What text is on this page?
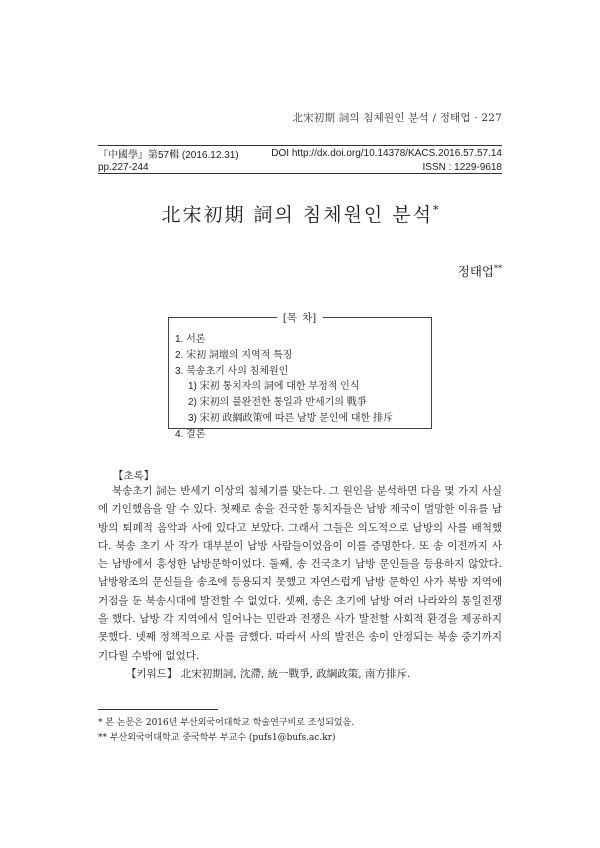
北宋初期 詞의 침체원인 분석 / 정태업 · 227
『中國學』第57輯 (2016.12.31)	DOI http://dx.doi.org/10.14378/KACS.2016.57.57.14
pp.227-244	ISSN : 1229-9618
北宋初期 詞의 침체원인 분석*
정태업**
[목 차]
1. 서론
2. 宋初 詞壇의 지역적 특징
3. 북송초기 사의 침체원인
1) 宋初 통치자의 詞에 대한 부정적 인식
2) 宋初의 불완전한 통일과 반세기의 戰爭
3) 宋初 政綱政策에 따른 남방 문인에 대한 排斥
4. 결론
【초록】

북송초기 詞는 반세기 이상의 침체기를 맞는다. 그 원인을 분석하면 다음 몇 가지 사실에 기인했음을 알 수 있다. 첫째로 송을 건국한 통치자들은 남방 제국이 멸망한 이유를 남방의 퇴폐적 음악과 사에 있다고 보았다. 그래서 그들은 의도적으로 남방의 사를 배척했다. 북송 초기 사 작가 대부분이 남방 사람들이었음이 이를 증명한다. 또 송 이전까지 사는 남방에서 흥성한 남방문학이었다. 둘째, 송 건국초기 남방 문인들을 등용하지 않았다. 남방왕조의 문신들을 송조에 등용되지 못했고 자연스럽게 남방 문학인 사가 북방 지역에 거점을 둔 북송시대에 발전할 수 없었다. 셋째, 송은 초기에 남방 여러 나라와의 통일전쟁을 했다. 남방 각 지역에서 일어나는 민란과 전쟁은 사가 발전할 사회적 환경을 제공하지 못했다. 넷째 정책적으로 사를 금했다. 따라서 사의 발전은 송이 안정되는 북송 중기까지 기다릴 수밖에 없었다.

【키워드】 北宋初期詞, 沈滯, 統一戰爭, 政綱政策, 南方排斥.

* 본 논문은 2016년 부산외국어대학교 학술연구비로 조성되었음.
** 부산외국어대학교 중국학부 부교수 (pufs1@bufs.ac.kr)
